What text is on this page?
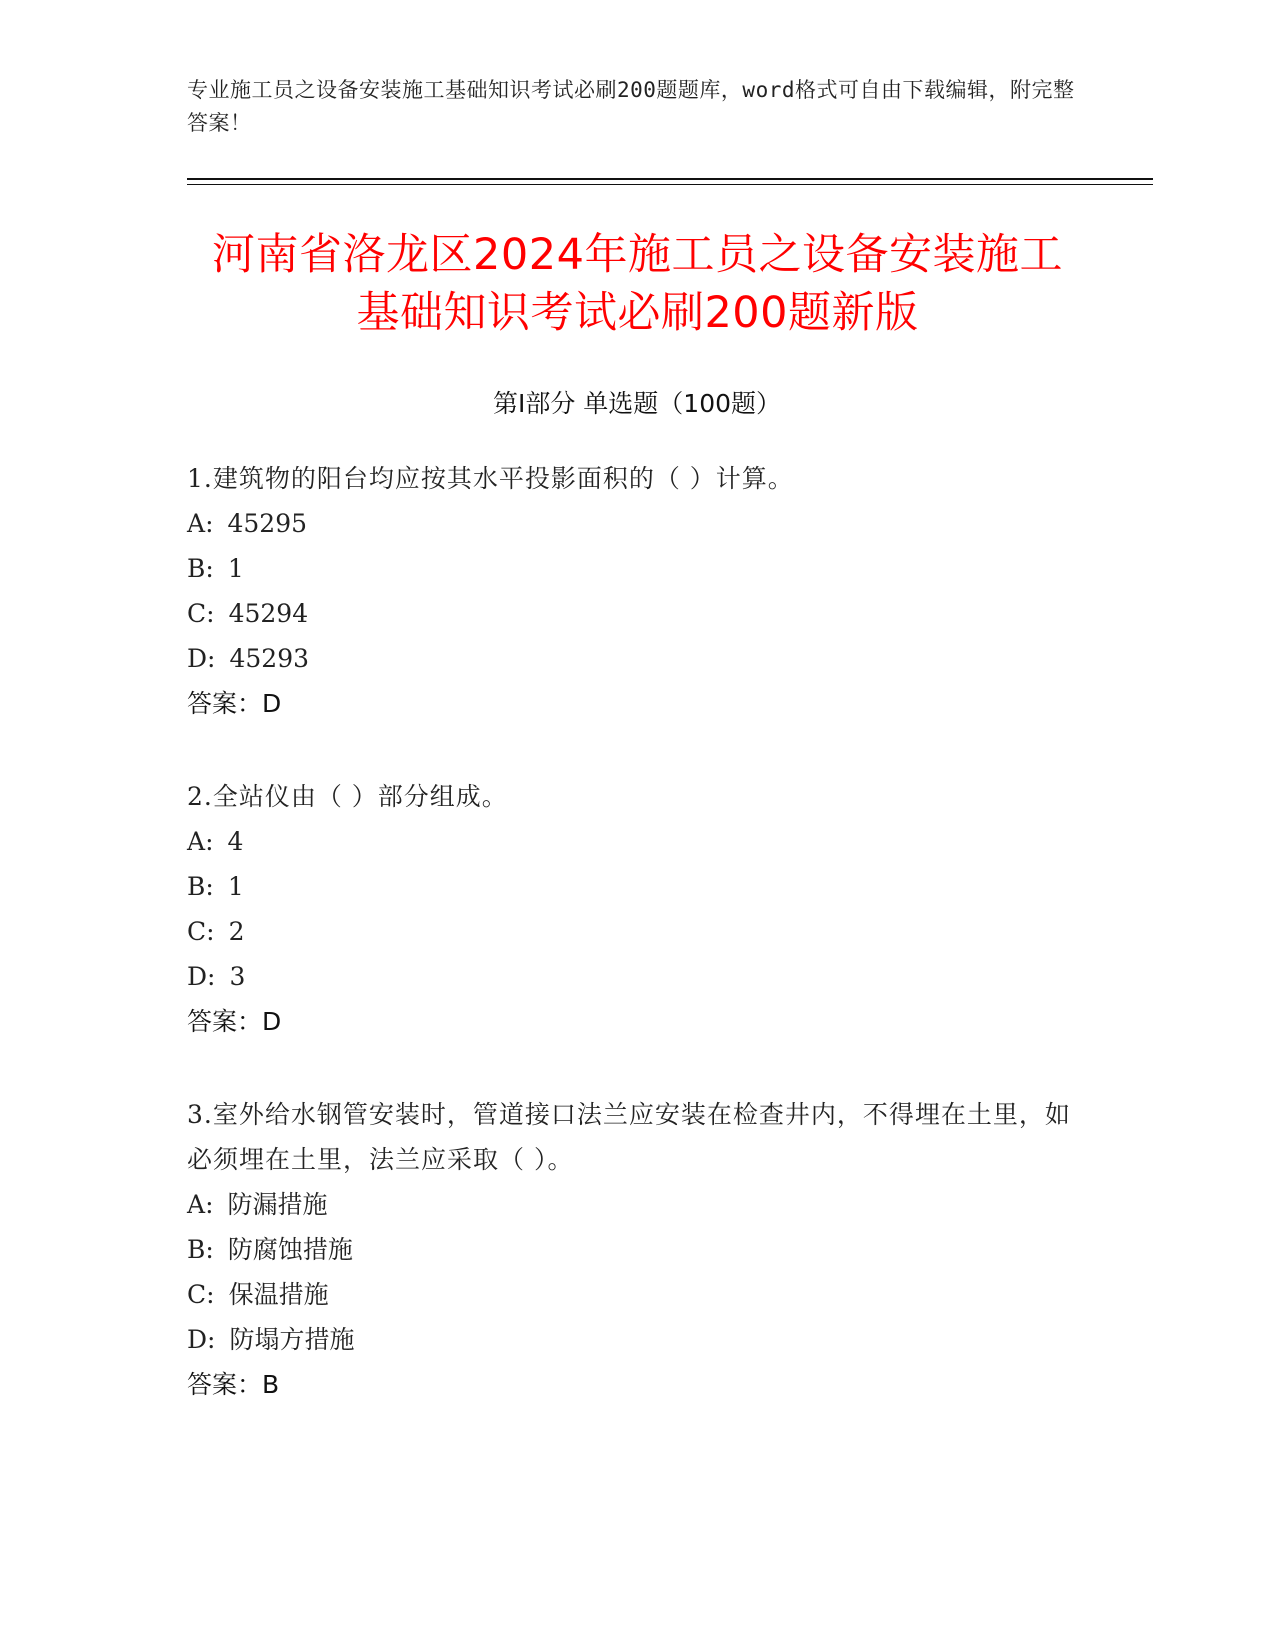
专业施工员之设备安装施工基础知识考试必刷200题题库，word格式可自由下载编辑，附完整答案！
河南省洛龙区2024年施工员之设备安装施工
基础知识考试必刷200题新版
第Ⅰ部分 单选题（100题）
1.建筑物的阳台均应按其水平投影面积的（ ）计算。
A: 45295
B: 1
C: 45294
D: 45293
答案：D
2.全站仪由（ ）部分组成。
A: 4
B: 1
C: 2
D: 3
答案：D
3.室外给水钢管安装时，管道接口法兰应安装在检查井内，不得埋在土里，如必须埋在土里，法兰应采取（ ）。
A: 防漏措施
B: 防腐蚀措施
C: 保温措施
D: 防塌方措施
答案：B
